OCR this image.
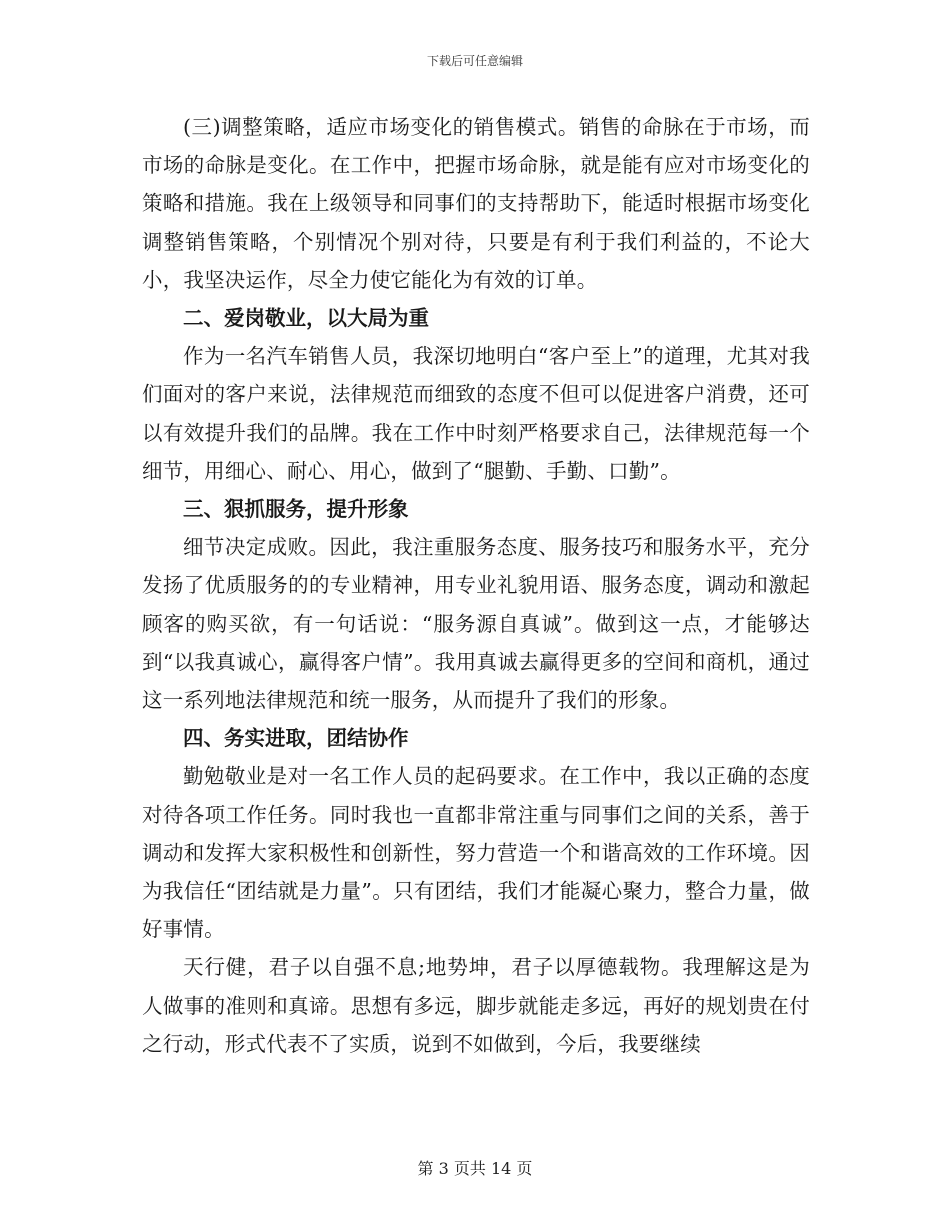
下载后可任意编辑

(三)调整策略，适应市场变化的销售模式。销售的命脉在于市场，而市场的命脉是变化。在工作中，把握市场命脉，就是能有应对市场变化的策略和措施。我在上级领导和同事们的支持帮助下，能适时根据市场变化调整销售策略，个别情况个别对待，只要是有利于我们利益的，不论大小，我坚决运作，尽全力使它能化为有效的订单。

二、爱岗敬业，以大局为重

作为一名汽车销售人员，我深切地明白“客户至上”的道理，尤其对我们面对的客户来说，法律规范而细致的态度不但可以促进客户消费，还可以有效提升我们的品牌。我在工作中时刻严格要求自己，法律规范每一个细节，用细心、耐心、用心，做到了“腿勤、手勤、口勤”。

三、狠抓服务，提升形象

细节决定成败。因此，我注重服务态度、服务技巧和服务水平，充分发扬了优质服务的的专业精神，用专业礼貌用语、服务态度，调动和激起顾客的购买欲，有一句话说：“服务源自真诚”。做到这一点，才能够达到“以我真诚心，赢得客户情”。我用真诚去赢得更多的空间和商机，通过这一系列地法律规范和统一服务，从而提升了我们的形象。

四、务实进取，团结协作

勤勉敬业是对一名工作人员的起码要求。在工作中，我以正确的态度对待各项工作任务。同时我也一直都非常注重与同事们之间的关系，善于调动和发挥大家积极性和创新性，努力营造一个和谐高效的工作环境。因为我信任“团结就是力量”。只有团结，我们才能凝心聚力，整合力量，做好事情。

天行健，君子以自强不息;地势坤，君子以厚德载物。我理解这是为人做事的准则和真谛。思想有多远，脚步就能走多远，再好的规划贵在付之行动，形式代表不了实质，说到不如做到，今后，我要继续

第 3 页共 14 页
